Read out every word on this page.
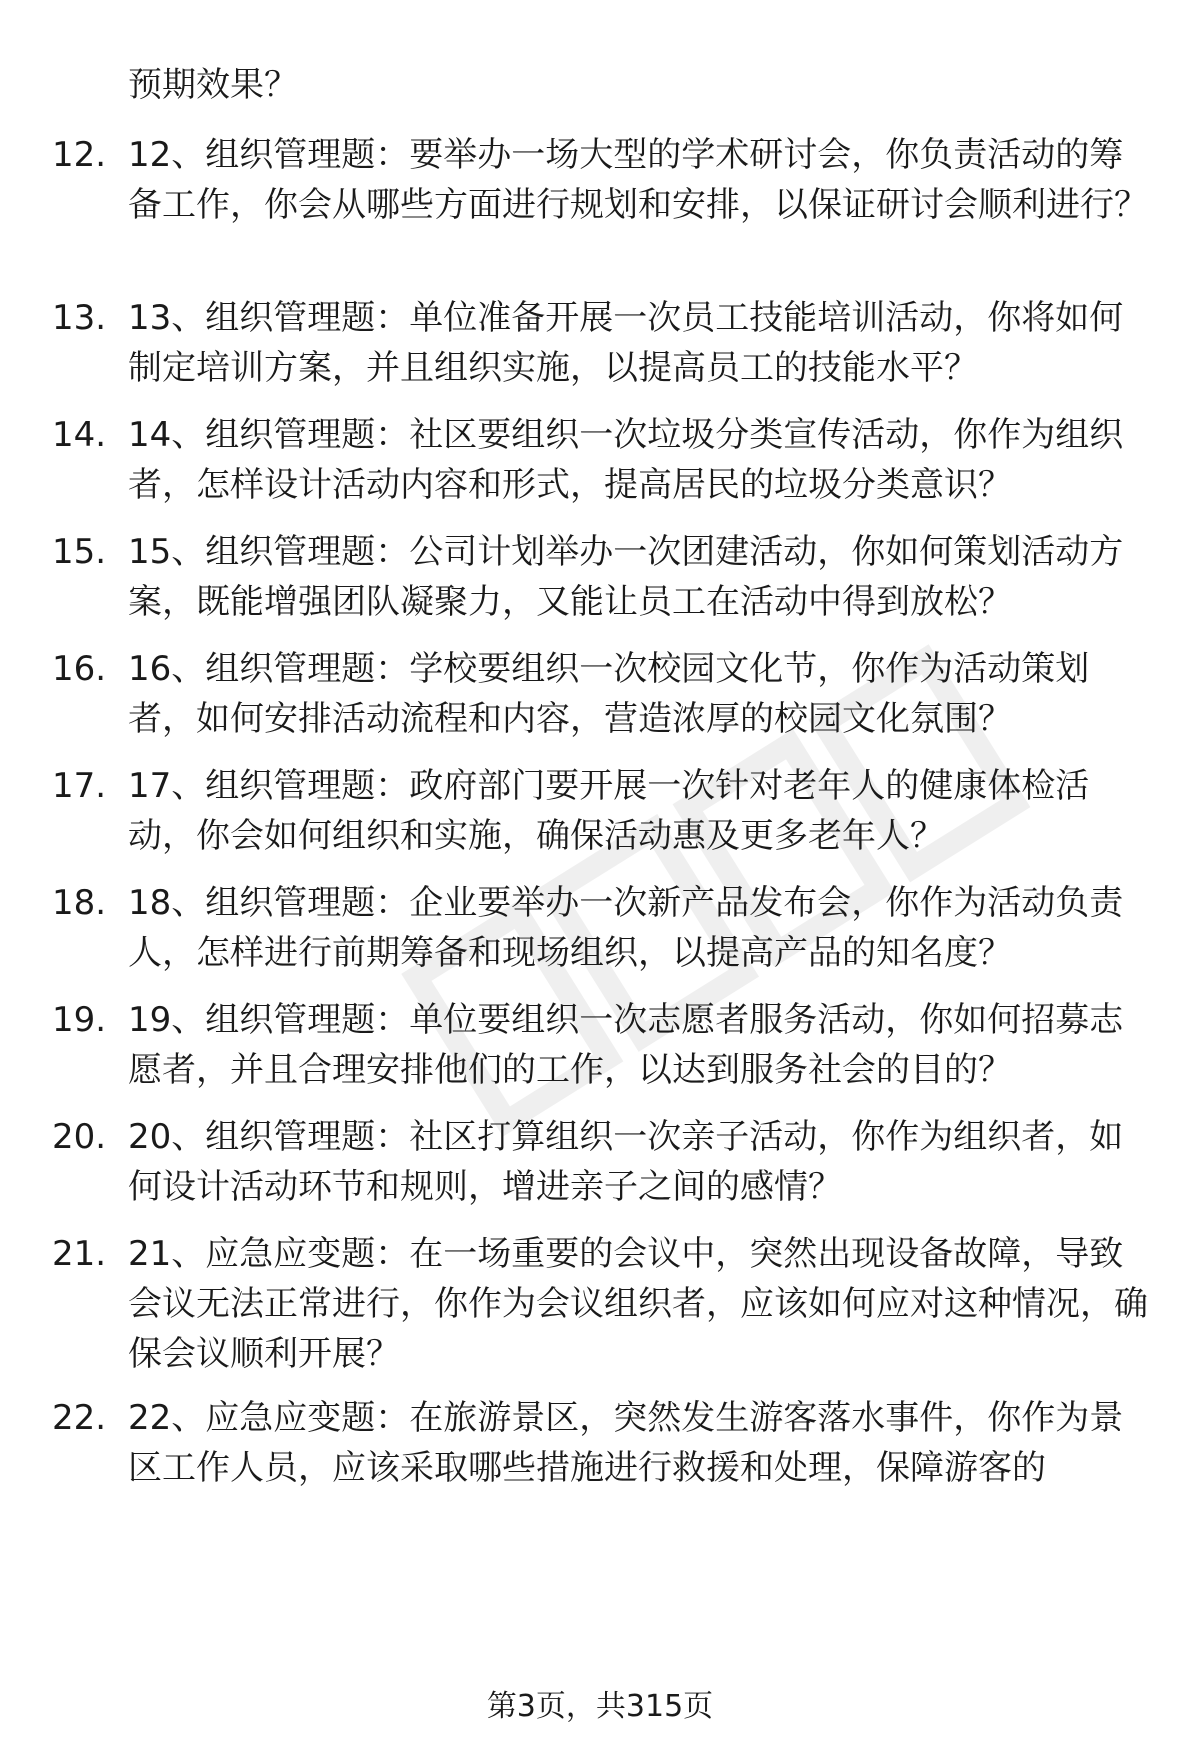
预期效果？
12. 12、组织管理题：要举办一场大型的学术研讨会，你负责活动的筹备工作，你会从哪些方面进行规划和安排，以保证研讨会顺利进行？
13. 13、组织管理题：单位准备开展一次员工技能培训活动，你将如何制定培训方案，并且组织实施，以提高员工的技能水平？
14. 14、组织管理题：社区要组织一次垃圾分类宣传活动，你作为组织者，怎样设计活动内容和形式，提高居民的垃圾分类意识？
15. 15、组织管理题：公司计划举办一次团建活动，你如何策划活动方案，既能增强团队凝聚力，又能让员工在活动中得到放松？
16. 16、组织管理题：学校要组织一次校园文化节，你作为活动策划者，如何安排活动流程和内容，营造浓厚的校园文化氛围？
17. 17、组织管理题：政府部门要开展一次针对老年人的健康体检活动，你会如何组织和实施，确保活动惠及更多老年人？
18. 18、组织管理题：企业要举办一次新产品发布会，你作为活动负责人，怎样进行前期筹备和现场组织，以提高产品的知名度？
19. 19、组织管理题：单位要组织一次志愿者服务活动，你如何招募志愿者，并且合理安排他们的工作，以达到服务社会的目的？
20. 20、组织管理题：社区打算组织一次亲子活动，你作为组织者，如何设计活动环节和规则，增进亲子之间的感情？
21. 21、应急应变题：在一场重要的会议中，突然出现设备故障，导致会议无法正常进行，你作为会议组织者，应该如何应对这种情况，确保会议顺利开展？
22. 22、应急应变题：在旅游景区，突然发生游客落水事件，你作为景区工作人员，应该采取哪些措施进行救援和处理，保障游客的
第3页，共315页
